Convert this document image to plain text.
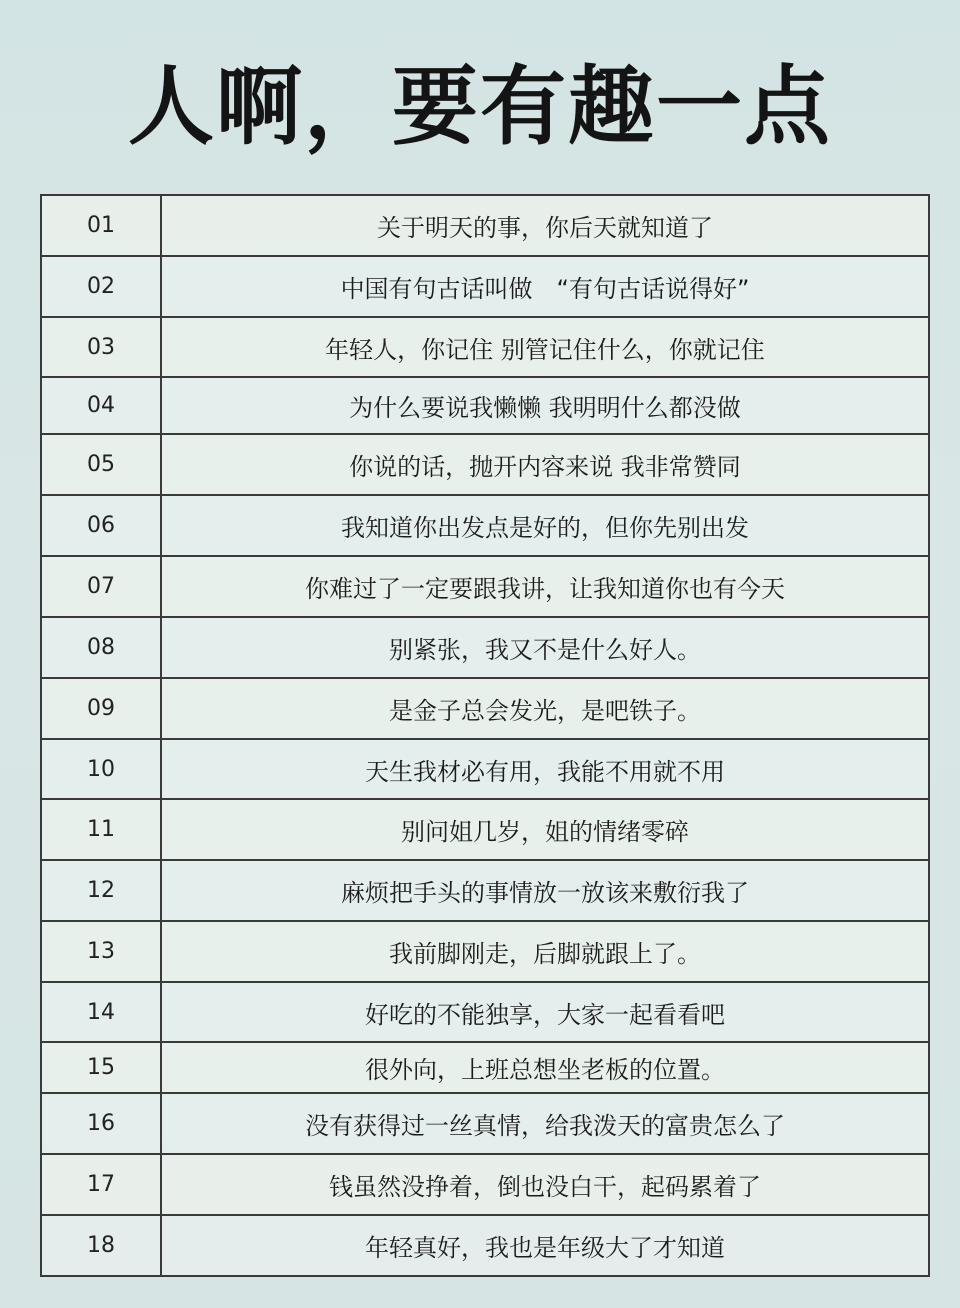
人啊，要有趣一点
01	关于明天的事，你后天就知道了
02	中国有句古话叫做　“有句古话说得好”
03	年轻人，你记住 别管记住什么，你就记住
04	为什么要说我懒懒 我明明什么都没做
05	你说的话，抛开内容来说 我非常赞同
06	我知道你出发点是好的，但你先别出发
07	你难过了一定要跟我讲，让我知道你也有今天
08	别紧张，我又不是什么好人。
09	是金子总会发光，是吧铁子。
10	天生我材必有用，我能不用就不用
11	别问姐几岁，姐的情绪零碎
12	麻烦把手头的事情放一放该来敷衍我了
13	我前脚刚走，后脚就跟上了。
14	好吃的不能独享，大家一起看看吧
15	很外向，上班总想坐老板的位置。
16	没有获得过一丝真情，给我泼天的富贵怎么了
17	钱虽然没挣着，倒也没白干，起码累着了
18	年轻真好，我也是年级大了才知道
